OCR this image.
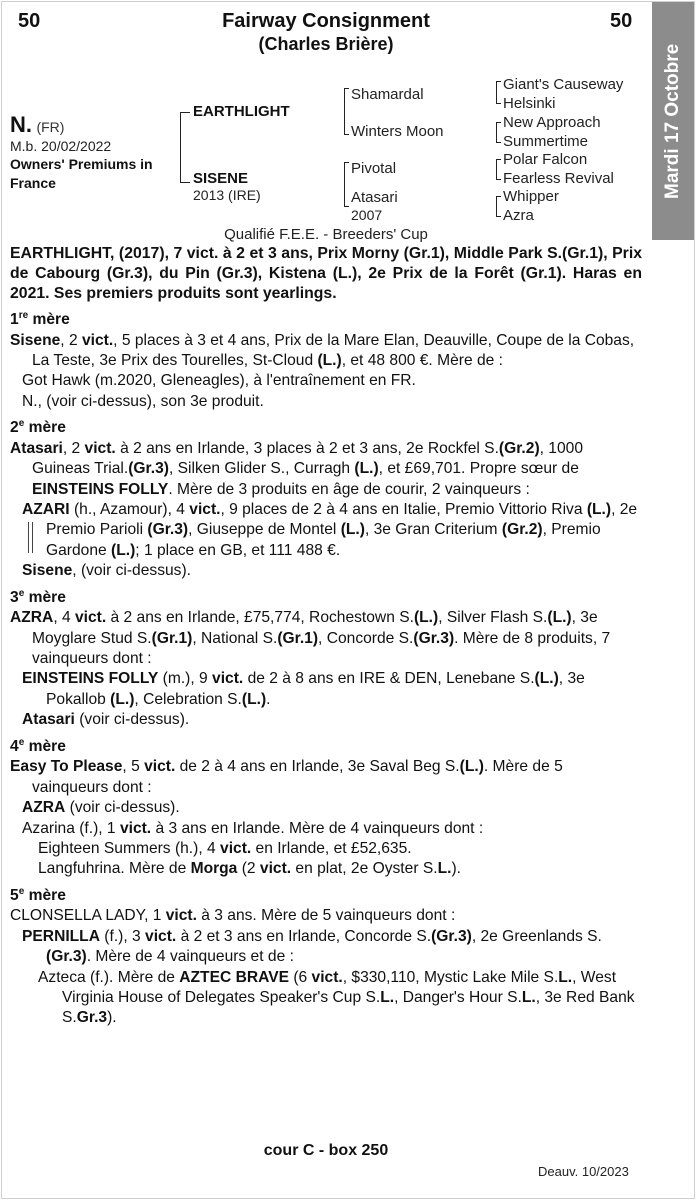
50	Fairway Consignment
(Charles Brière)
50
Mardi 17 Octobre
N. (FR)
M.b. 20/02/2022
Owners' Premiums in France
EARTHLIGHT
SISENE
2013 (IRE)
Shamardal
Winters Moon
Pivotal
Atasari
2007
Giant's Causeway
Helsinki
New Approach
Summertime
Polar Falcon
Fearless Revival
Whipper
Azra
Qualifié F.E.E. - Breeders' Cup

EARTHLIGHT, (2017), 7 vict. à 2 et 3 ans, Prix Morny (Gr.1), Middle Park S.(Gr.1), Prix de Cabourg (Gr.3), du Pin (Gr.3), Kistena (L.), 2e Prix de la Forêt (Gr.1). Haras en 2021. Ses premiers produits sont yearlings.

1re mère

Sisene, 2 vict., 5 places à 3 et 4 ans, Prix de la Mare Elan, Deauville, Coupe de la Cobas, La Teste, 3e Prix des Tourelles, St-Cloud (L.), et 48 800 €. Mère de :

Got Hawk (m.2020, Gleneagles), à l'entraînement en FR.

N., (voir ci-dessus), son 3e produit.

2e mère

Atasari, 2 vict. à 2 ans en Irlande, 3 places à 2 et 3 ans, 2e Rockfel S.(Gr.2), 1000 Guineas Trial.(Gr.3), Silken Glider S., Curragh (L.), et £69,701. Propre sœur de EINSTEINS FOLLY. Mère de 3 produits en âge de courir, 2 vainqueurs :

AZARI (h., Azamour), 4 vict., 9 places de 2 à 4 ans en Italie, Premio Vittorio Riva (L.), 2e Premio Parioli (Gr.3), Giuseppe de Montel (L.), 3e Gran Criterium (Gr.2), Premio Gardone (L.); 1 place en GB, et 111 488 €.

Sisene, (voir ci-dessus).

3e mère

AZRA, 4 vict. à 2 ans en Irlande, £75,774, Rochestown S.(L.), Silver Flash S.(L.), 3e Moyglare Stud S.(Gr.1), National S.(Gr.1), Concorde S.(Gr.3). Mère de 8 produits, 7 vainqueurs dont :

EINSTEINS FOLLY (m.), 9 vict. de 2 à 8 ans en IRE & DEN, Lenebane S.(L.), 3e Pokallob (L.), Celebration S.(L.).

Atasari (voir ci-dessus).

4e mère

Easy To Please, 5 vict. de 2 à 4 ans en Irlande, 3e Saval Beg S.(L.). Mère de 5 vainqueurs dont :

AZRA (voir ci-dessus).

Azarina (f.), 1 vict. à 3 ans en Irlande. Mère de 4 vainqueurs dont :

Eighteen Summers (h.), 4 vict. en Irlande, et £52,635.

Langfuhrina. Mère de Morga (2 vict. en plat, 2e Oyster S.L.).

5e mère

CLONSELLA LADY, 1 vict. à 3 ans. Mère de 5 vainqueurs dont :

PERNILLA (f.), 3 vict. à 2 et 3 ans en Irlande, Concorde S.(Gr.3), 2e Greenlands S.(Gr.3). Mère de 4 vainqueurs et de :

Azteca (f.). Mère de AZTEC BRAVE (6 vict., $330,110, Mystic Lake Mile S.L., West Virginia House of Delegates Speaker's Cup S.L., Danger's Hour S.L., 3e Red Bank S.Gr.3).

cour C - box 250
Deauv. 10/2023
